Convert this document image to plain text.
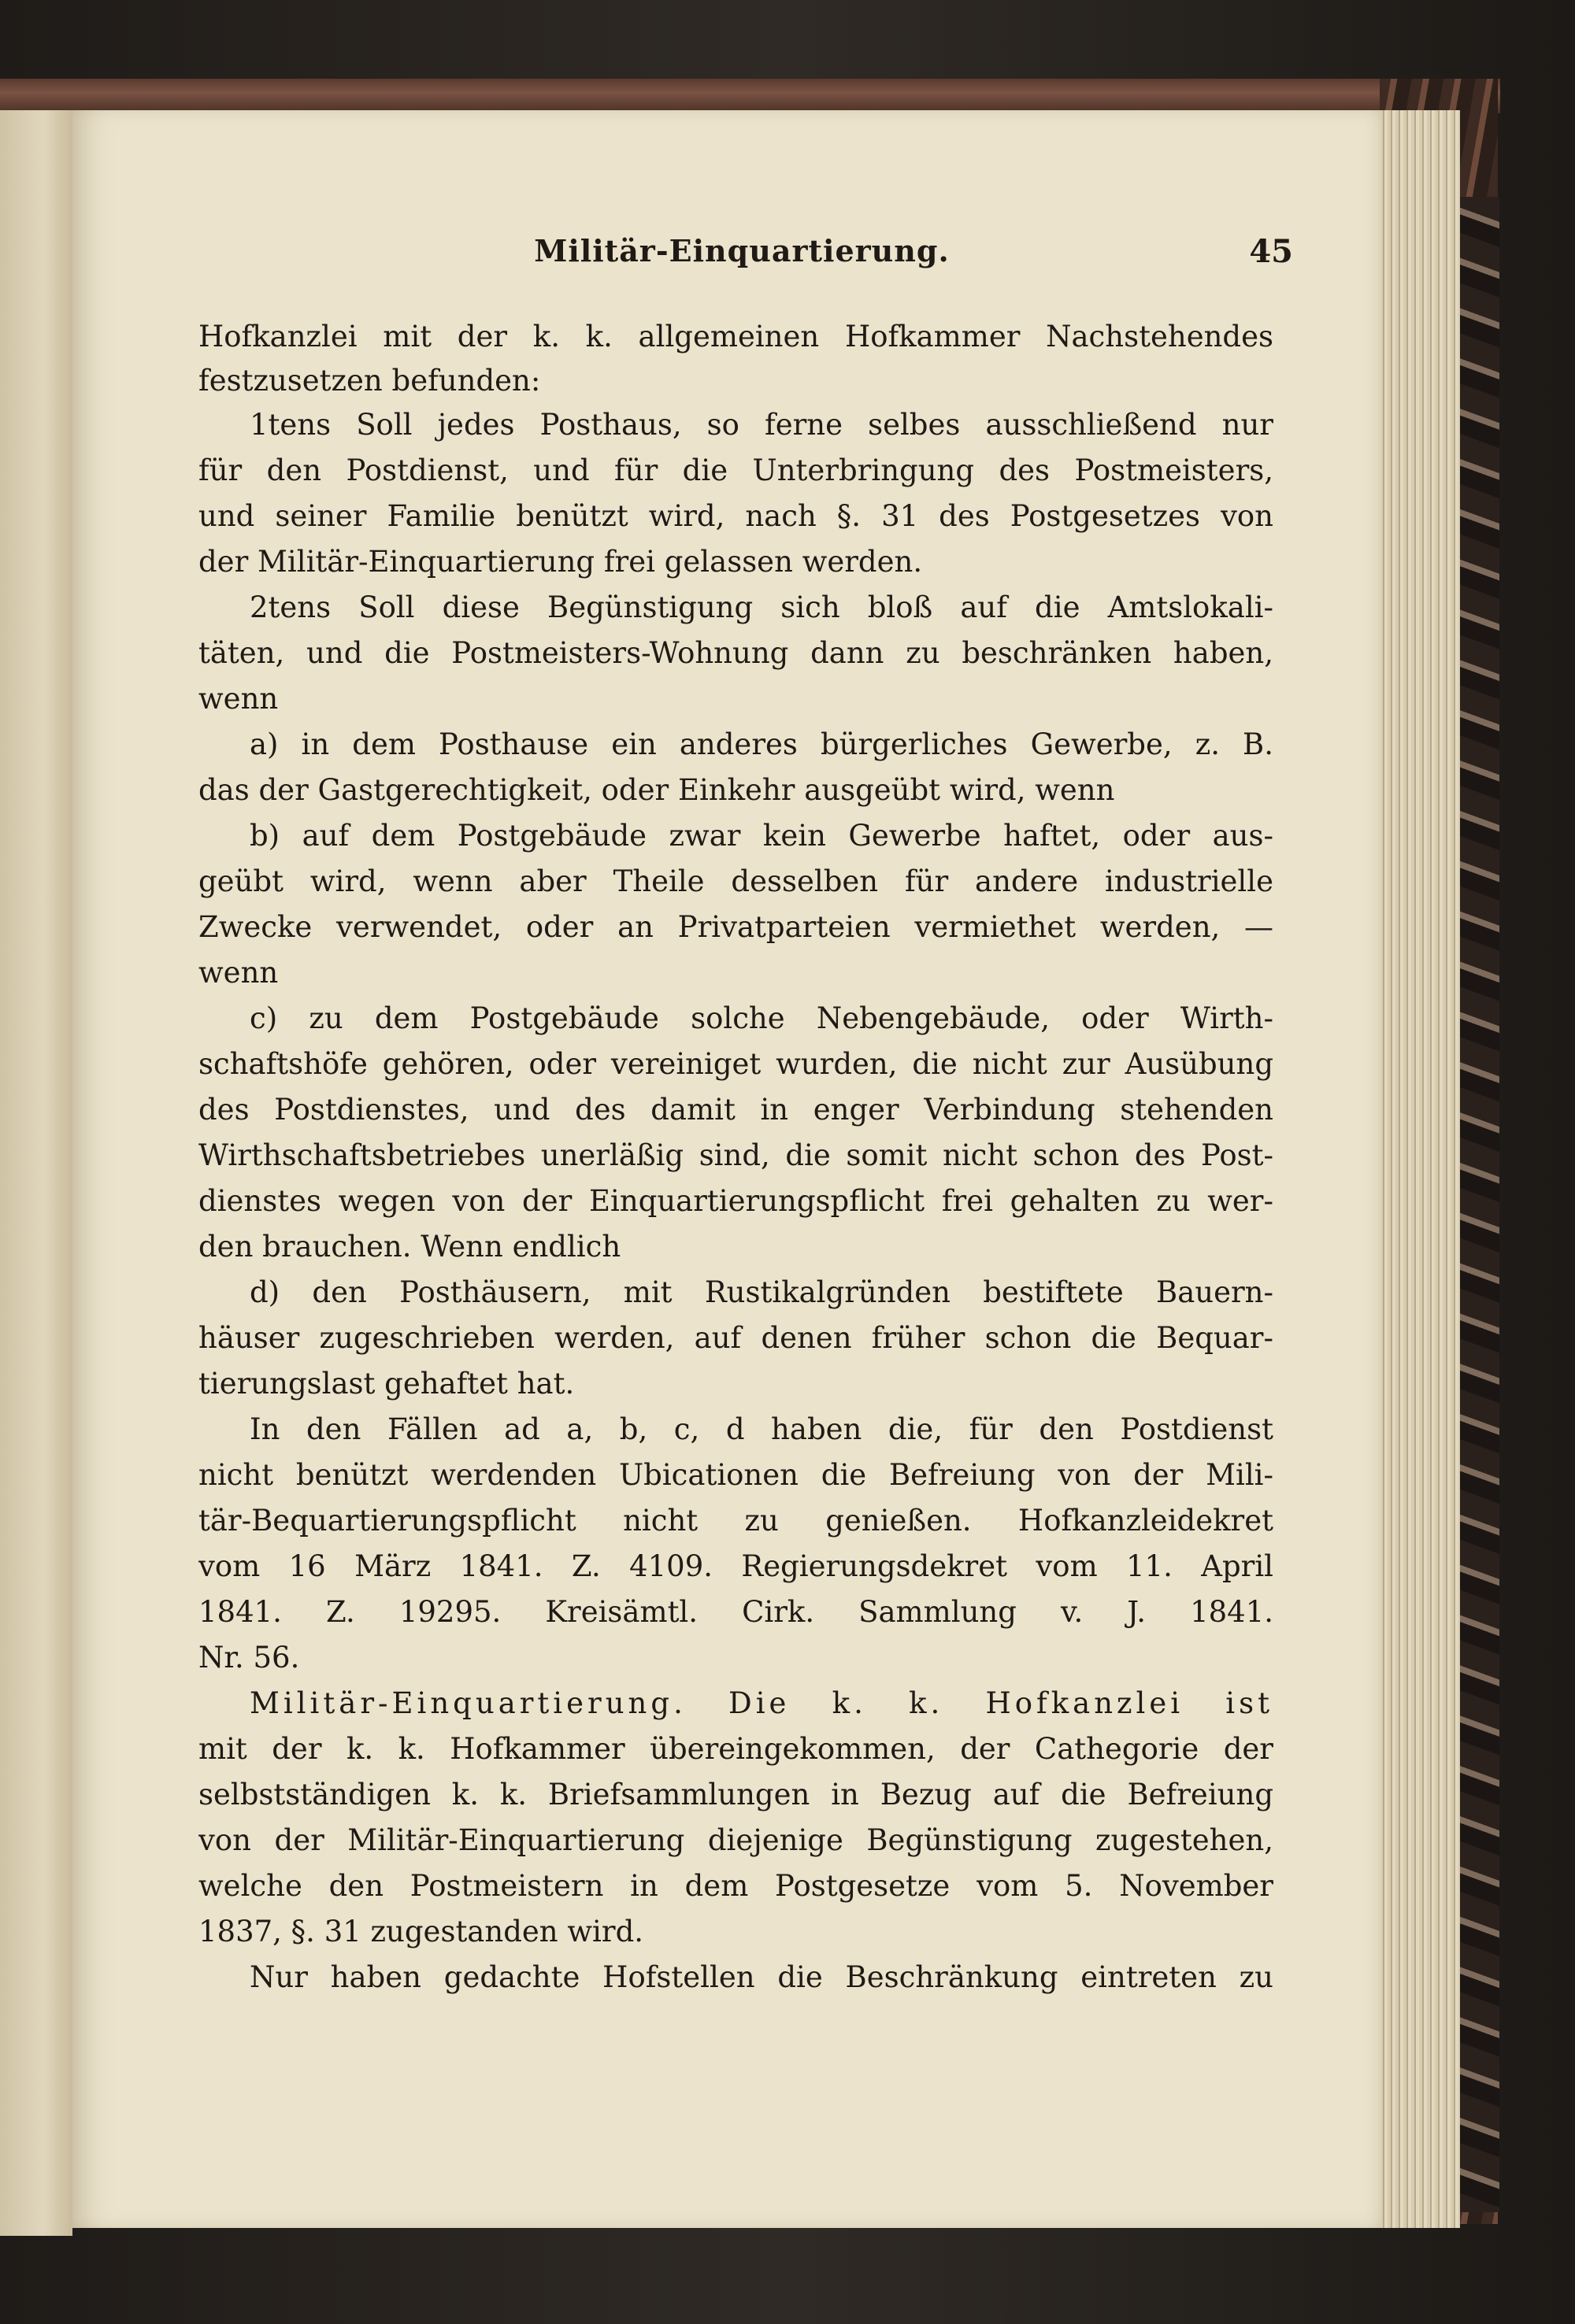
Militär-Einquartierung.	45
Hofkanzlei mit der k. k. allgemeinen Hofkammer Nachstehendes
festzusetzen befunden:
1tens Soll jedes Posthaus, so ferne selbes ausschließend nur
für den Postdienst, und für die Unterbringung des Postmeisters,
und seiner Familie benützt wird, nach §. 31 des Postgesetzes von
der Militär-Einquartierung frei gelassen werden.
2tens Soll diese Begünstigung sich bloß auf die Amtslokali-
täten, und die Postmeisters-Wohnung dann zu beschränken haben,
wenn
a) in dem Posthause ein anderes bürgerliches Gewerbe, z. B.
das der Gastgerechtigkeit, oder Einkehr ausgeübt wird, wenn
b) auf dem Postgebäude zwar kein Gewerbe haftet, oder aus-
geübt wird, wenn aber Theile desselben für andere industrielle
Zwecke verwendet, oder an Privatparteien vermiethet werden, —
wenn
c) zu dem Postgebäude solche Nebengebäude, oder Wirth-
schaftshöfe gehören, oder vereiniget wurden, die nicht zur Ausübung
des Postdienstes, und des damit in enger Verbindung stehenden
Wirthschaftsbetriebes unerläßig sind, die somit nicht schon des Post-
dienstes wegen von der Einquartierungspflicht frei gehalten zu wer-
den brauchen. Wenn endlich
d) den Posthäusern, mit Rustikalgründen bestiftete Bauern-
häuser zugeschrieben werden, auf denen früher schon die Bequar-
tierungslast gehaftet hat.
In den Fällen ad a, b, c, d haben die, für den Postdienst
nicht benützt werdenden Ubicationen die Befreiung von der Mili-
tär-Bequartierungspflicht nicht zu genießen. Hofkanzleidekret
vom 16 März 1841. Z. 4109. Regierungsdekret vom 11. April
1841. Z. 19295. Kreisämtl. Cirk. Sammlung v. J. 1841.
Nr. 56.
Militär-Einquartierung. Die k. k. Hofkanzlei ist
mit der k. k. Hofkammer übereingekommen, der Cathegorie der
selbstständigen k. k. Briefsammlungen in Bezug auf die Befreiung
von der Militär-Einquartierung diejenige Begünstigung zugestehen,
welche den Postmeistern in dem Postgesetze vom 5. November
1837, §. 31 zugestanden wird.
Nur haben gedachte Hofstellen die Beschränkung eintreten zu
